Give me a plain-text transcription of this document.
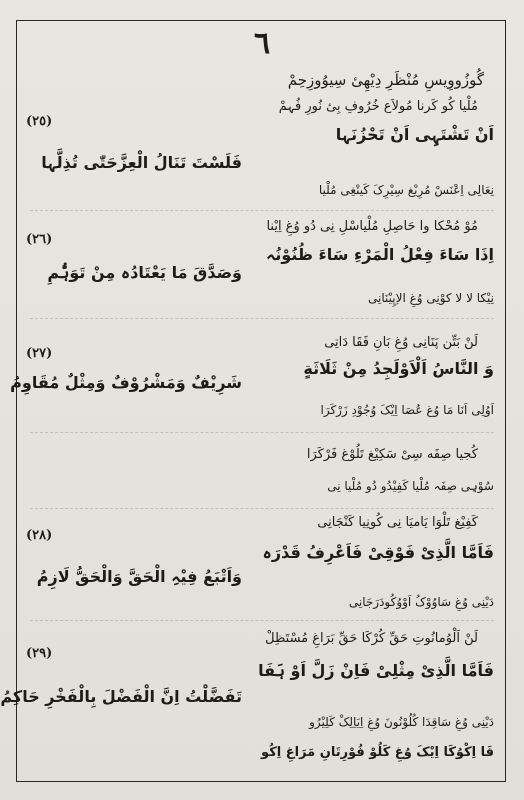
٦
گُوزُووِیسِ مُنْظَرِ دِیْھِیٔ سِیوُوزِحِمْ
(٢٥)
مُلْیا کُو کَرنا مُولاَع خُرُوفِ بِیٔ نُورِ فُہمْ
اَنْ تَشْتَہِی اَنْ تَحْزُنَہا
فَلَسْتَ تَنَالُ الْعِزَّحَتّٰی تُذِلَّہا
نِعَالِی اِعْنَسْ مُرِیْغ سِیْرِکَ کَینْغِی مُلْیا
(٢٦)
مُوْ مُحْکا وا حَاصِلِ مُلْیاسْلِ نِی دُو وُغِ اِیْنا
اِذَا سَاءَ فِعْلُ الْمَرْءِ سَاءَ ظُنُوْنُہ
وَصَدَّقَ مَا یَعْتَادُہ مِنْ تَوَہُّمِ
نِیْکا لا لا کوْنِی وُغِ الاِپِیْنَانِی
(٢٧)
لَنْ بَتِّن پَنَانِی وُغِ بَانِ فَقَا دَاتِی
وَ النَّاسُ اَلْاَوْلَجِدُ مِنْ ثَلَاثَةٍ
شَرِیْفٌ وَمَشْرُوْفٌ وَمِثْلٌ مُقَاوِمُ
اَوُلِی اَنَا مَا وُغ عُصَا اِیْکَ وُجُوْدِ زَرْکَرَا
کُجیا صِفَه سِیْ سَکِیْغ تَلُوْغ فَرْکَرَا
سُوْہِی صِفَہ مُلْیا کَفِیْدُو دُو مُلْیا نِی
(٢٨)
کَفِیْغ تَلْوَا یَامیَا نِی کُونِیا کَنْجَانِی
فَاَمَّا الَّذِیْ فَوْقِیْ فَاَعْرِفُ قَدْرَہ
وَاَتْبَعُ فِیْہِ الْحَقَّ وَالْحَقُّ لَازِمُ
دَیْنِی وُغِ سَاوُوْکُ اَوْوُکُودَرَجَانِی
(٢٩)
لَنْ اَلْوُمانُوتِ حَقِّ کُرْکَا حَقِّ بَرَاغِ مُسْتَظِلْ
فَاَمَّا الَّذِیْ مِثْلِیْ فَاِنْ زَلَّ اَوْ ہَفَا
تَفَضَّلْتُ اِنَّ الْفَضْلَ بِالْفَخْرِ حَاکِمُ
دَیْنِی وُغِ سَاقِدَا کُلُوْنُونَ وُغِ اِیَاِلِکْ کَلِیْرُو
فَا اِکْوُکَا اِیْکَ وُغِ کَلُوْ فُوْرِتَانِ مَرَاغِ اِکُو
